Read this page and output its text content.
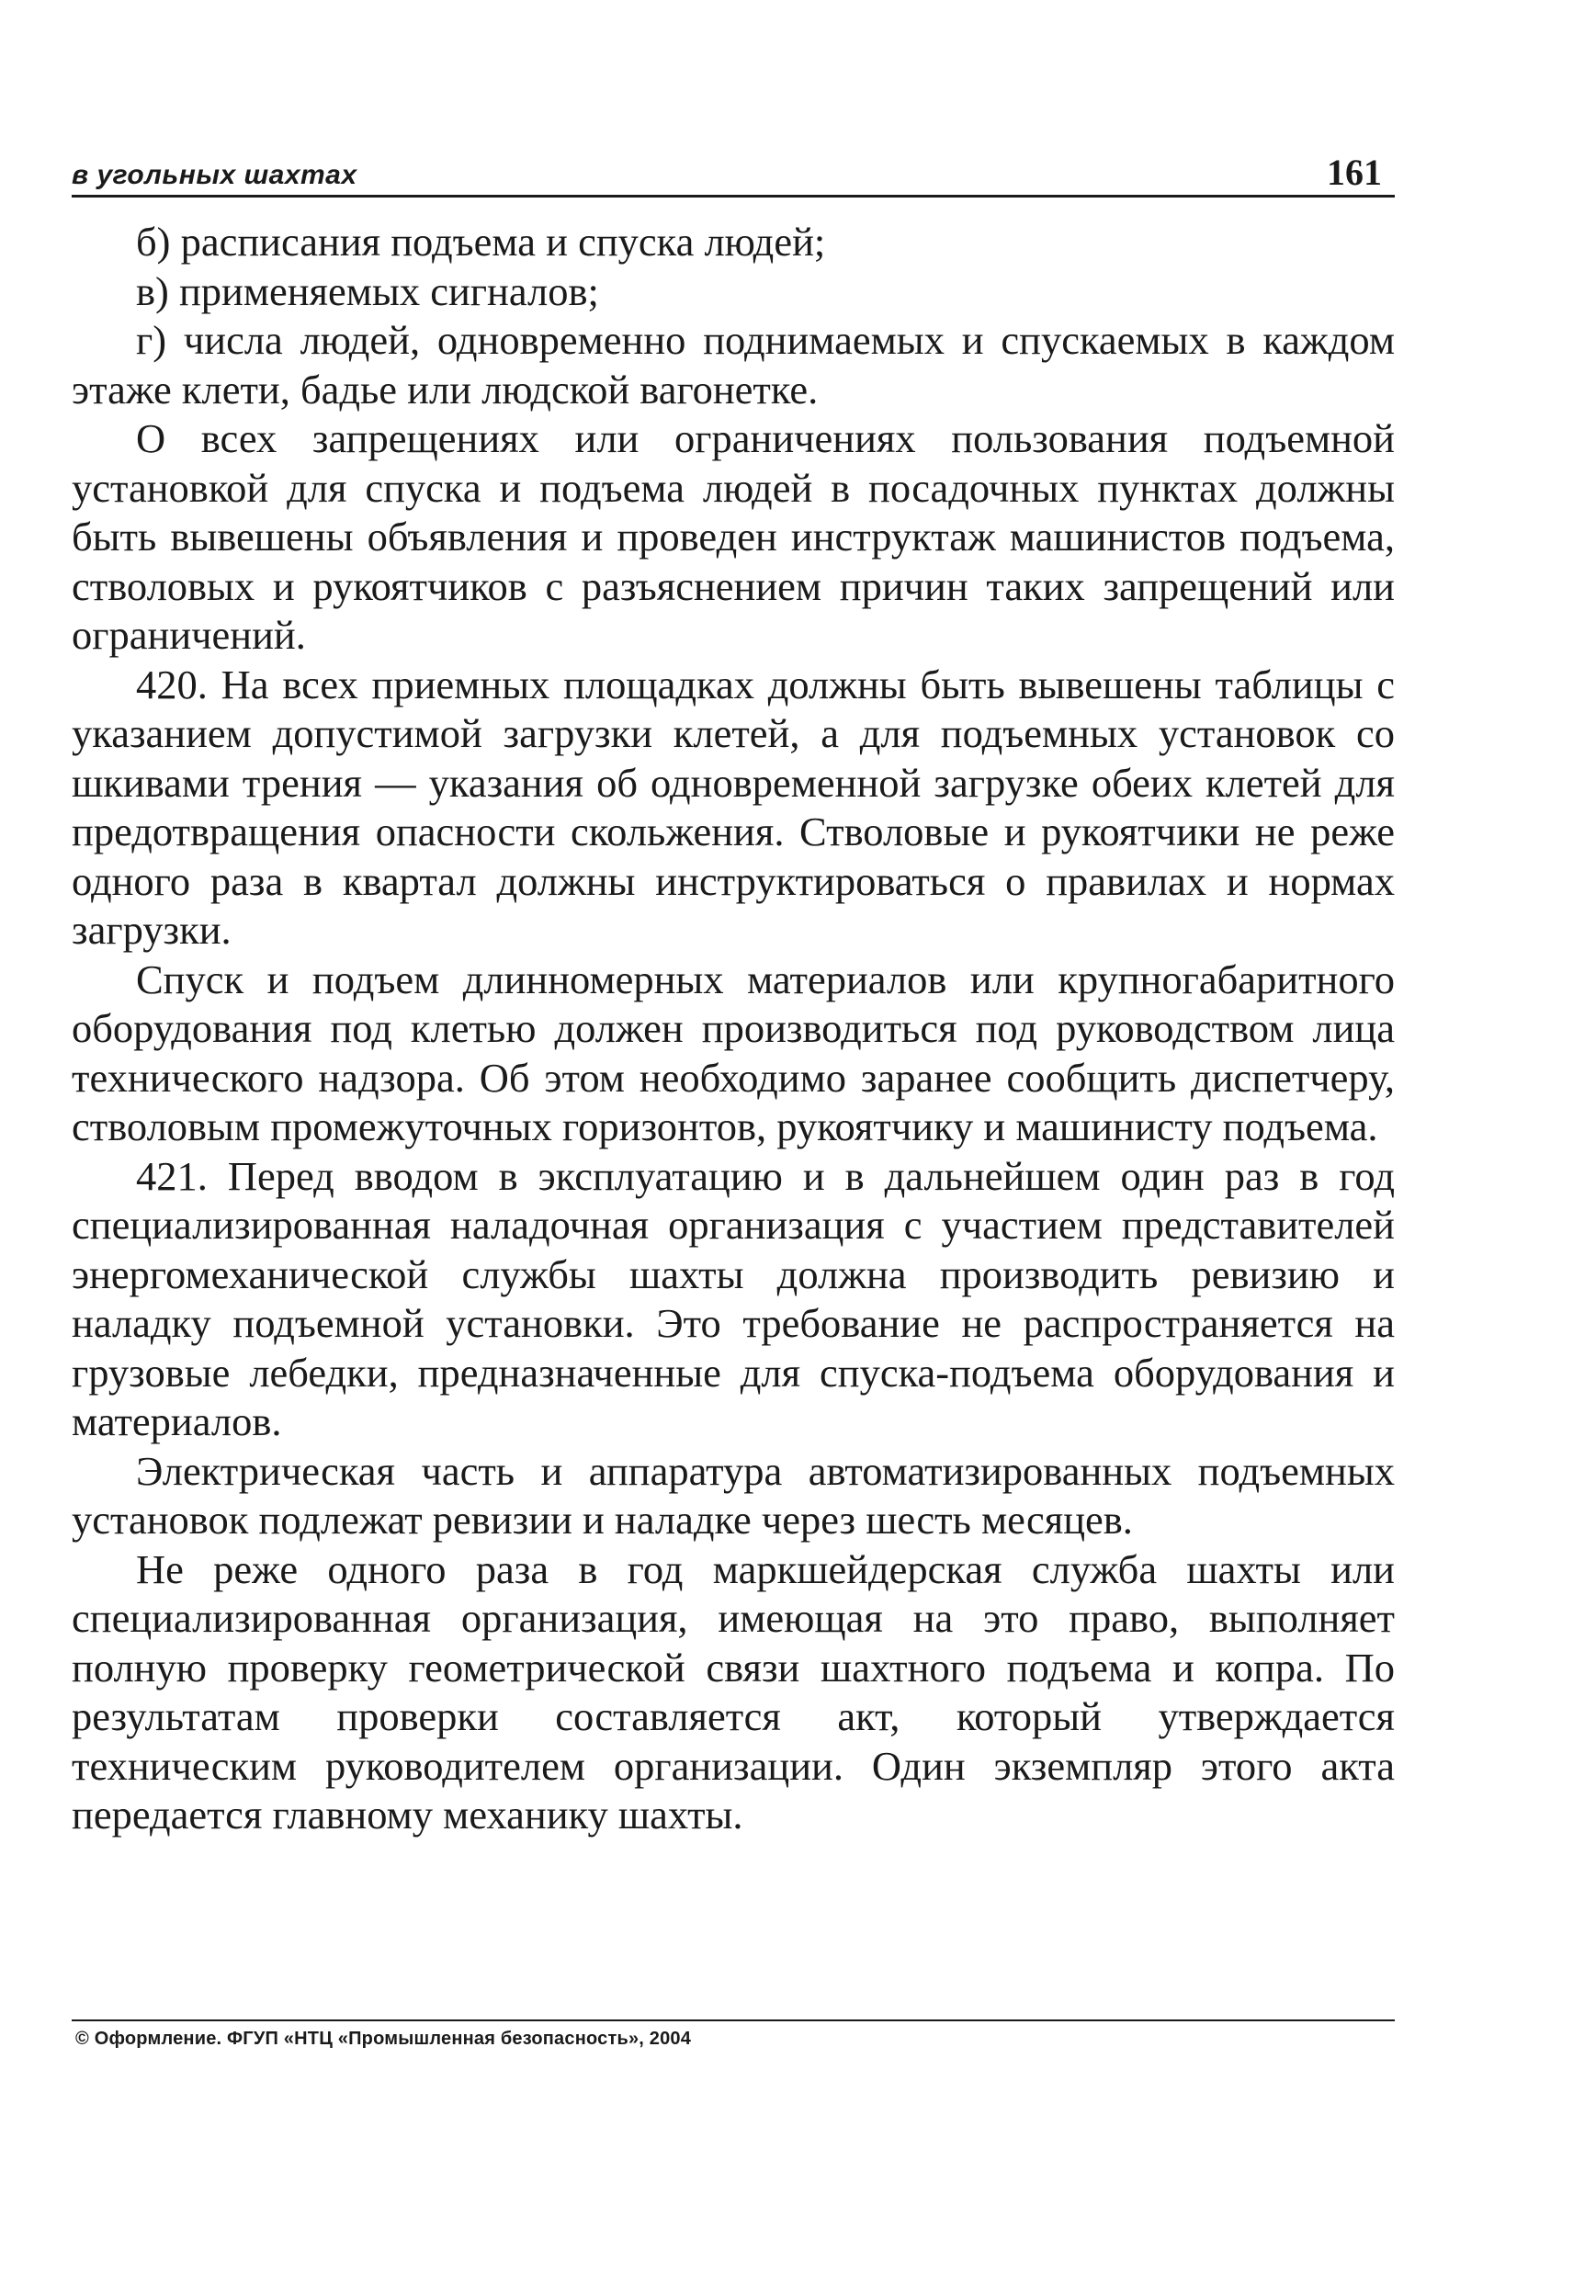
в угольных шахтах	161

б) расписания подъема и спуска людей;

в) применяемых сигналов;

г) числа людей, одновременно поднимаемых и спускаемых в каждом этаже клети, бадье или людской вагонетке.

О всех запрещениях или ограничениях пользования подъемной установкой для спуска и подъема людей в посадочных пунктах должны быть вывешены объявления и проведен инструктаж машинистов подъема, стволовых и рукоятчиков с разъяснением причин таких запрещений или ограничений.

420. На всех приемных площадках должны быть вывешены таблицы с указанием допустимой загрузки клетей, а для подъемных установок со шкивами трения — указания об одновременной загрузке обеих клетей для предотвращения опасности скольжения. Стволовые и рукоятчики не реже одного раза в квартал должны инструктироваться о правилах и нормах загрузки.

Спуск и подъем длинномерных материалов или крупногабаритного оборудования под клетью должен производиться под руководством лица технического надзора. Об этом необходимо заранее сообщить диспетчеру, стволовым промежуточных горизонтов, рукоятчику и машинисту подъема.

421. Перед вводом в эксплуатацию и в дальнейшем один раз в год специализированная наладочная организация с участием представителей энергомеханической службы шахты должна производить ревизию и наладку подъемной установки. Это требование не распространяется на грузовые лебедки, предназначенные для спуска-подъема оборудования и материалов.

Электрическая часть и аппаратура автоматизированных подъемных установок подлежат ревизии и наладке через шесть месяцев.

Не реже одного раза в год маркшейдерская служба шахты или специализированная организация, имеющая на это право, выполняет полную проверку геометрической связи шахтного подъема и копра. По результатам проверки составляется акт, который утверждается техническим руководителем организации. Один экземпляр этого акта передается главному механику шахты.

© Оформление. ФГУП «НТЦ «Промышленная безопасность», 2004
